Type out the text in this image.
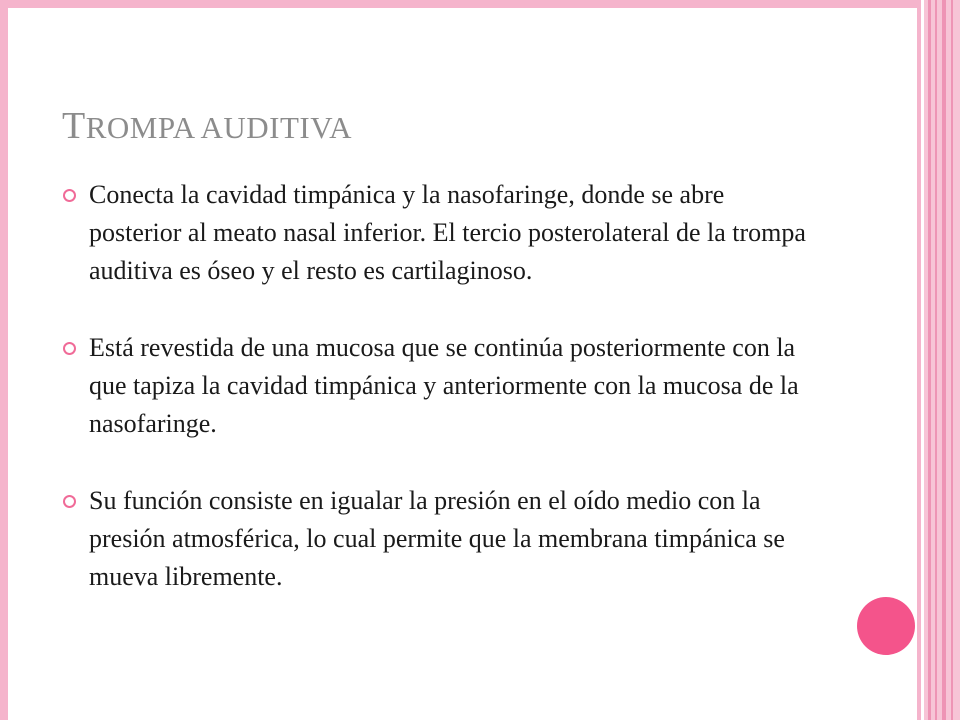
TROMPA AUDITIVA
Conecta la cavidad timpánica y la nasofaringe, donde se abre posterior al meato nasal inferior. El tercio posterolateral de la trompa auditiva es óseo y el resto es cartilaginoso.
Está revestida de una mucosa que se continúa posteriormente con la que tapiza la cavidad timpánica y anteriormente con la mucosa de la nasofaringe.
Su función consiste en igualar la presión en el oído medio con la presión atmosférica, lo cual permite que la membrana timpánica se mueva libremente.
